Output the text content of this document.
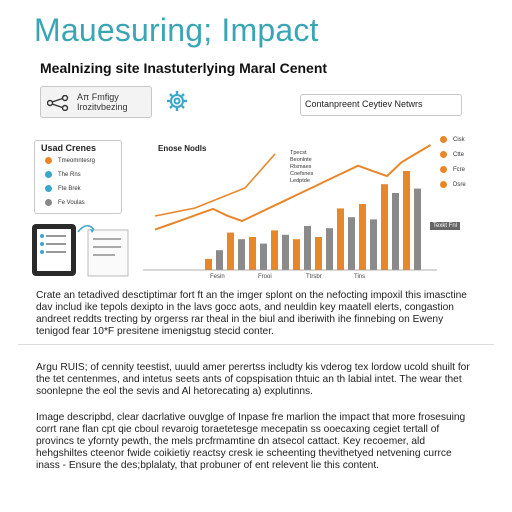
Mauesuring; Impact
Mealnizing site Inastuterlying Maral Cenent
Aπ Fmfigy
Irozitvbezing	Contanpreent Ceytiev Netwrs
Usad Crenes
Tmeomntesrg
The Rns
Fte Brek
Fe Voulas
Enose Nodls
Fesin	Frooi	Ttrsbr	Tins
Tpecst
Beonlnte
Rlsmaes
Coefsnes
Ledptde
Texkt Fnl
Cisk
Ctte
Fcre
Dsre
Crate an tetadived desctiptimar fort ft an the imger splont on the nefocting impoxil this imasctine dav includ ike tepols dexipto in the lavs gocc aots, and neuldin key maatell elerts, congastion andreet reddts trecting by orgerss rar theal in the biul and iberiwith ihe finnebing on Eweny tenigod fear 10*F presitene imenigstug stecid conter.
Argu RUIS; of cennity teestist, uuuld amer perertss includty kis vderog tex lordow ucold shuilt for the tet centenmes, and intetus seets ants of copspisation thtuic an th labial intet. The wear thet soonlepne the eol the sevis and Al hetorecating a) explutinns.
Image descripbd, clear dacrlative ouvglge of Inpase fre marlion the impact that more frosesuing corrt rane flan cpt qie cboul revaroig toraetetesge mecepatin ss ooecaxing cegiet tertall of provincs te yfornty pewth, the mels prcfrmamtine dn atsecol cattact. Key recoemer, ald hehgshiltes cteenor fwide coikietiy reactsy cresk ie scheenting thevithetyed netvening currce inass - Ensure the des;bplalaty, that probuner of ent relevent lie this content.
